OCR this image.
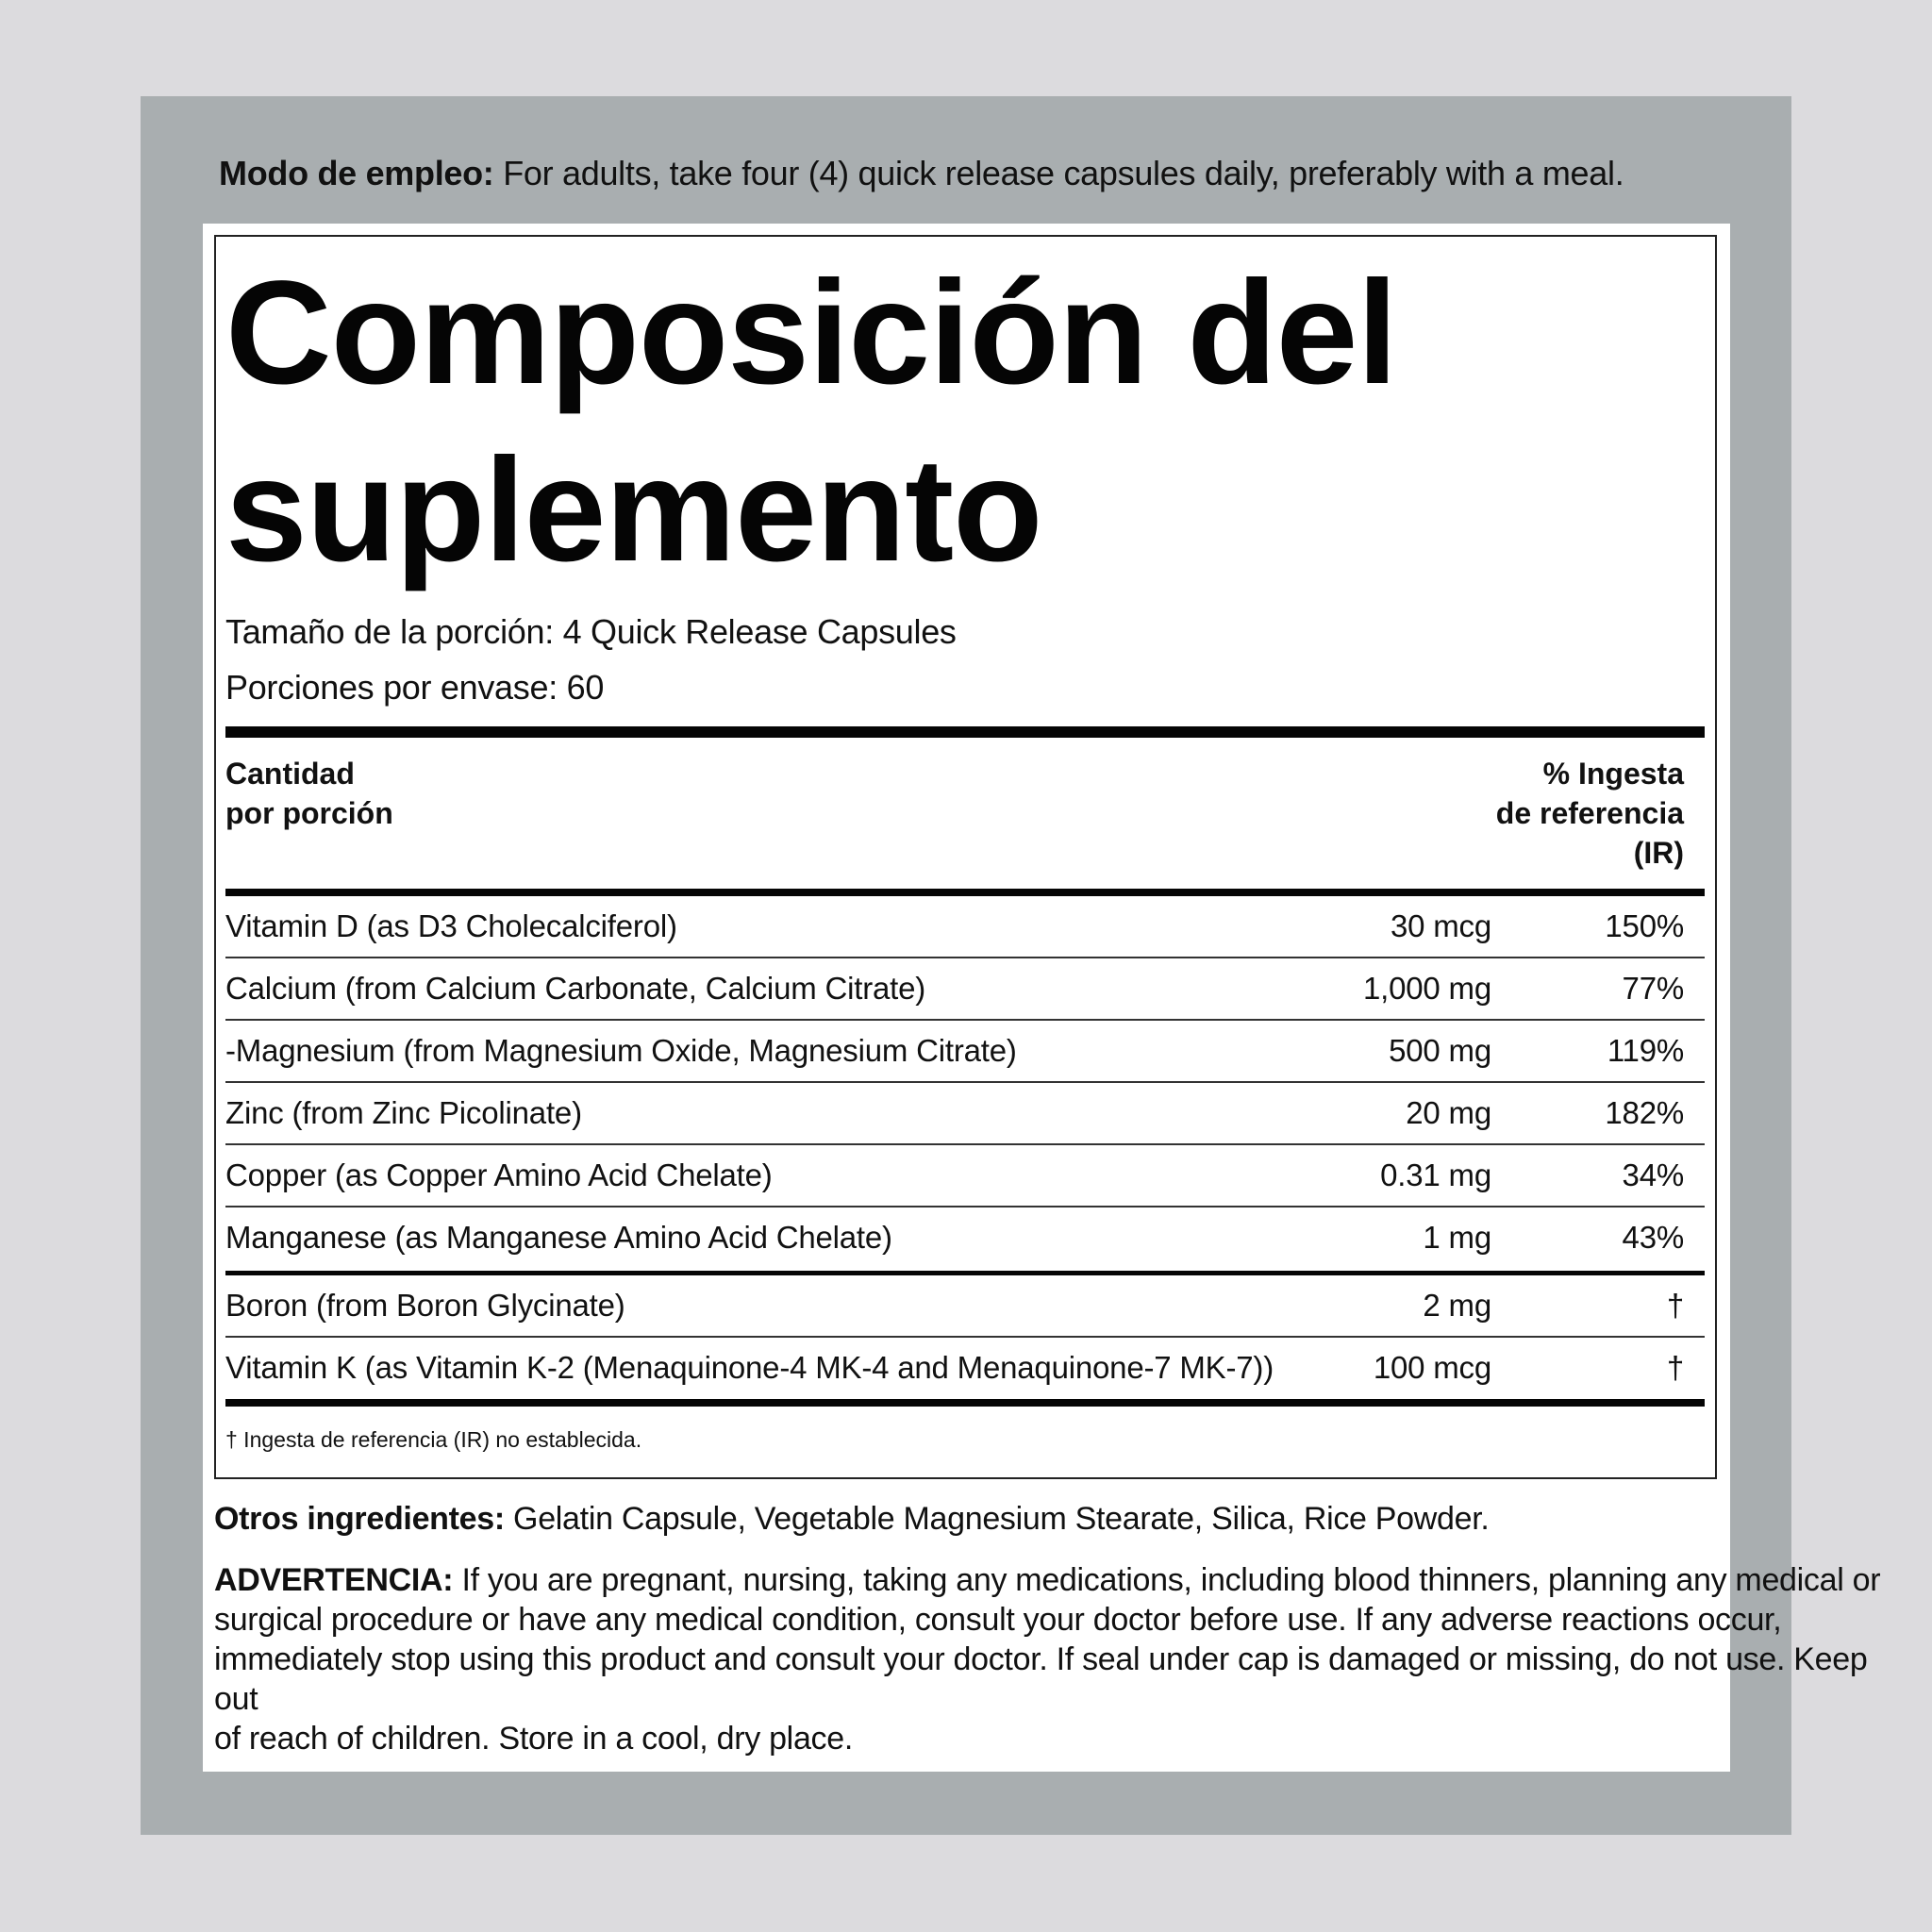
Modo de empleo: For adults, take four (4) quick release capsules daily, preferably with a meal.
Composición del
suplemento
Tamaño de la porción: 4 Quick Release Capsules
Porciones por envase: 60
Cantidad
por porción
% Ingesta
de referencia
(IR)
Vitamin D (as D3 Cholecalciferol)	30 mcg	150%
Calcium (from Calcium Carbonate, Calcium Citrate)	1,000 mg	77%
-Magnesium (from Magnesium Oxide, Magnesium Citrate)	500 mg	119%
Zinc (from Zinc Picolinate)	20 mg	182%
Copper (as Copper Amino Acid Chelate)	0.31 mg	34%
Manganese (as Manganese Amino Acid Chelate)	1 mg	43%
Boron (from Boron Glycinate)	2 mg	†
Vitamin K (as Vitamin K-2 (Menaquinone-4 MK-4 and Menaquinone-7 MK-7))	100 mcg	†
† Ingesta de referencia (IR) no establecida.
Otros ingredientes: Gelatin Capsule, Vegetable Magnesium Stearate, Silica, Rice Powder.
ADVERTENCIA: If you are pregnant, nursing, taking any medications, including blood thinners, planning any medical or
surgical procedure or have any medical condition, consult your doctor before use. If any adverse reactions occur,
immediately stop using this product and consult your doctor. If seal under cap is damaged or missing, do not use. Keep
out
of reach of children. Store in a cool, dry place.
